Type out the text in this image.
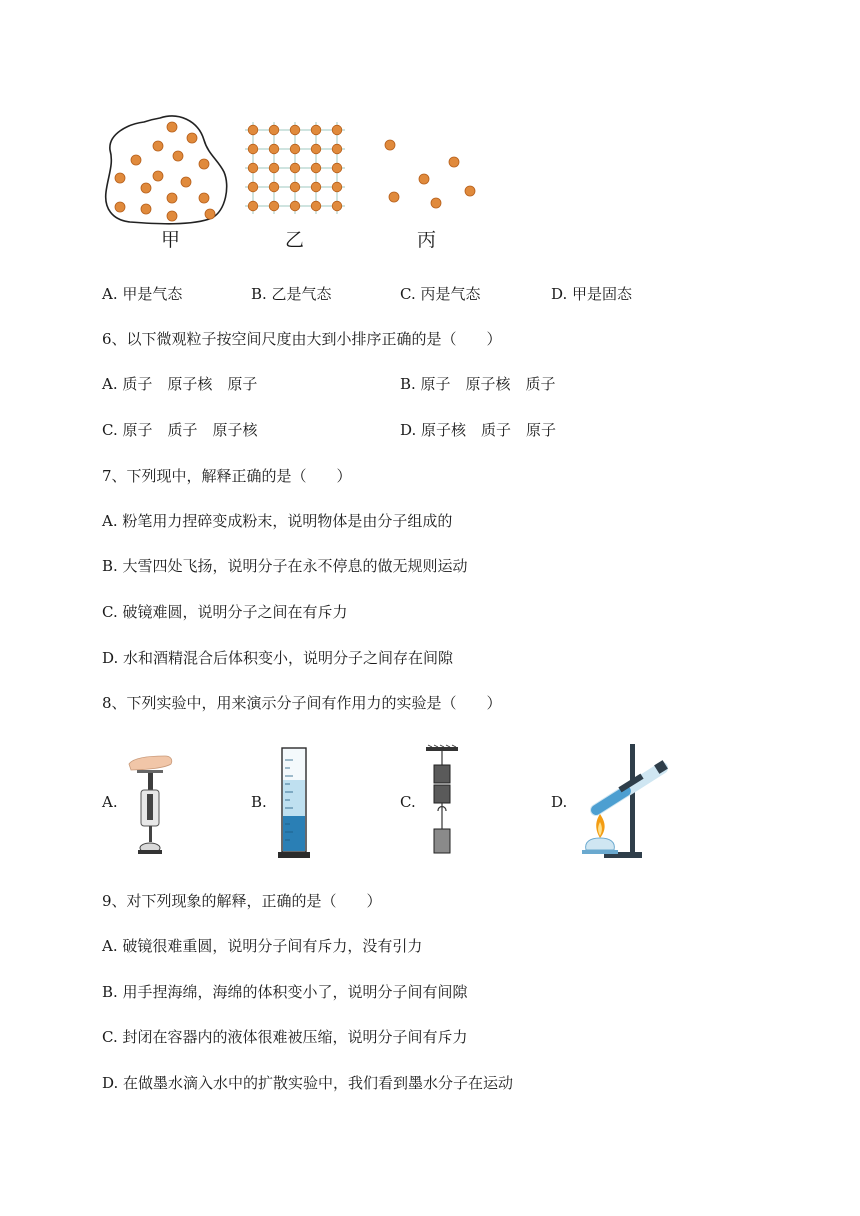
甲	乙	丙
A. 甲是气态	B. 乙是气态	C. 丙是气态	D. 甲是固态
6、以下微观粒子按空间尺度由大到小排序正确的是（　　）
A. 质子　原子核　原子	B. 原子　原子核　质子
C. 原子　质子　原子核	D. 原子核　质子　原子
7、下列现中，解释正确的是（　　）
A. 粉笔用力捏碎变成粉末，说明物体是由分子组成的
B. 大雪四处飞扬，说明分子在永不停息的做无规则运动
C. 破镜难圆，说明分子之间在有斥力
D. 水和酒精混合后体积变小，说明分子之间存在间隙
8、下列实验中，用来演示分子间有作用力的实验是（　　）
A.	B.	C.	D.
9、对下列现象的解释，正确的是（　　）
A. 破镜很难重圆，说明分子间有斥力，没有引力
B. 用手捏海绵，海绵的体积变小了，说明分子间有间隙
C. 封闭在容器内的液体很难被压缩，说明分子间有斥力
D. 在做墨水滴入水中的扩散实验中，我们看到墨水分子在运动
